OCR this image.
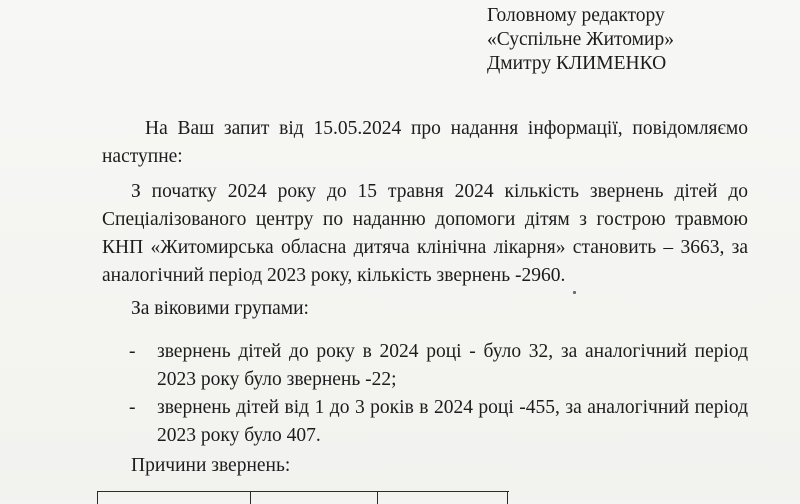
Головному редактору
«Суспільне Житомир»
Дмитру КЛИМЕНКО
На Ваш запит від 15.05.2024 про надання інформації, повідомляємо
наступне:
З початку 2024 року до 15 травня 2024 кількість звернень дітей до
Спеціалізованого центру по наданню допомоги дітям з гострою травмою
КНП «Житомирська обласна дитяча клінічна лікарня» становить – 3663, за
аналогічний період 2023 року, кількість звернень -2960.
За віковими групами:
- звернень дітей до року в 2024 році - було 32, за аналогічний період
2023 року було звернень -22;
- звернень дітей від 1 до 3 років в 2024 році -455, за аналогічний період
2023 року було 407.
Причини звернень:
